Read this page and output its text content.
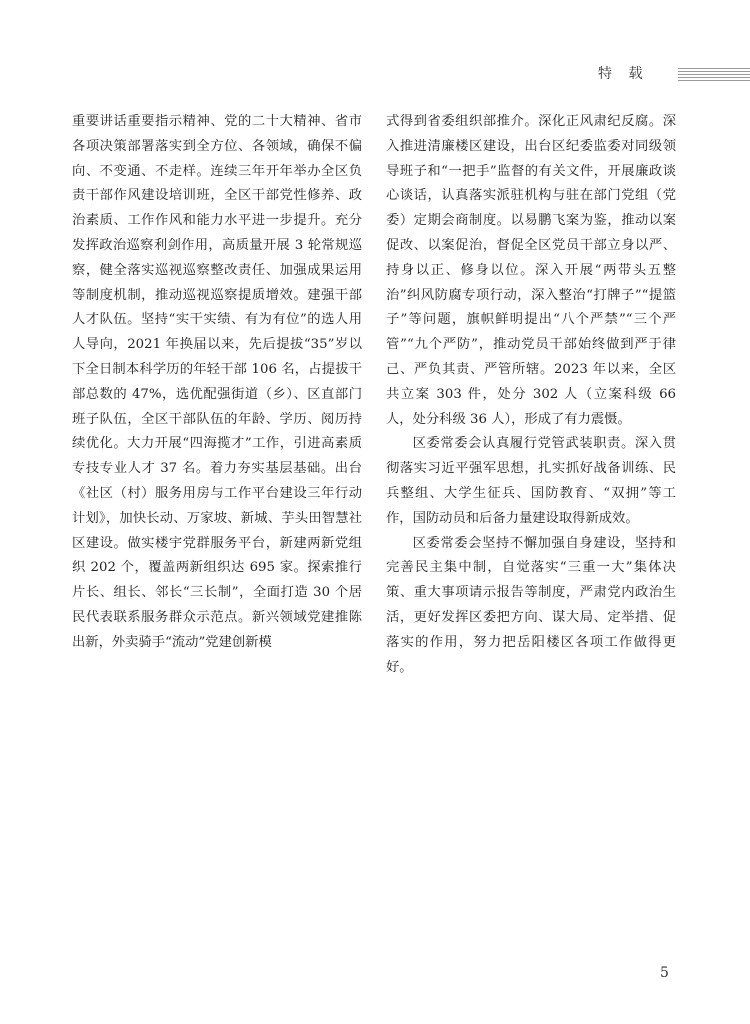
特 载

重要讲话重要指示精神、党的二十大精神、省市各项决策部署落实到全方位、各领域，确保不偏向、不变通、不走样。连续三年开年举办全区负责干部作风建设培训班，全区干部党性修养、政治素质、工作作风和能力水平进一步提升。充分发挥政治巡察利剑作用，高质量开展 3 轮常规巡察，健全落实巡视巡察整改责任、加强成果运用等制度机制，推动巡视巡察提质增效。建强干部人才队伍。坚持“实干实绩、有为有位”的选人用人导向，2021 年换届以来，先后提拔“35”岁以下全日制本科学历的年轻干部 106 名，占提拔干部总数的 47%，选优配强街道（乡）、区直部门班子队伍，全区干部队伍的年龄、学历、阅历持续优化。大力开展“四海揽才”工作，引进高素质专技专业人才 37 名。着力夯实基层基础。出台《社区（村）服务用房与工作平台建设三年行动计划》，加快长动、万家坡、新城、芋头田智慧社区建设。做实楼宇党群服务平台，新建两新党组织 202 个，覆盖两新组织达 695 家。探索推行片长、组长、邻长“三长制”，全面打造 30 个居民代表联系服务群众示范点。新兴领域党建推陈出新，外卖骑手“流动”党建创新模

式得到省委组织部推介。深化正风肃纪反腐。深入推进清廉楼区建设，出台区纪委监委对同级领导班子和“一把手”监督的有关文件，开展廉政谈心谈话，认真落实派驻机构与驻在部门党组（党委）定期会商制度。以易鹏飞案为鉴，推动以案促改、以案促治，督促全区党员干部立身以严、持身以正、修身以位。深入开展“两带头五整治”纠风防腐专项行动，深入整治“打牌子”“提篮子”等问题，旗帜鲜明提出“八个严禁”“三个严管”“九个严防”，推动党员干部始终做到严于律己、严负其责、严管所辖。2023 年以来，全区共立案 303 件，处分 302 人（立案科级 66 人，处分科级 36 人），形成了有力震慑。

区委常委会认真履行党管武装职责。深入贯彻落实习近平强军思想，扎实抓好战备训练、民兵整组、大学生征兵、国防教育、“双拥”等工作，国防动员和后备力量建设取得新成效。

区委常委会坚持不懈加强自身建设，坚持和完善民主集中制，自觉落实“三重一大”集体决策、重大事项请示报告等制度，严肃党内政治生活，更好发挥区委把方向、谋大局、定举措、促落实的作用，努力把岳阳楼区各项工作做得更好。

5
